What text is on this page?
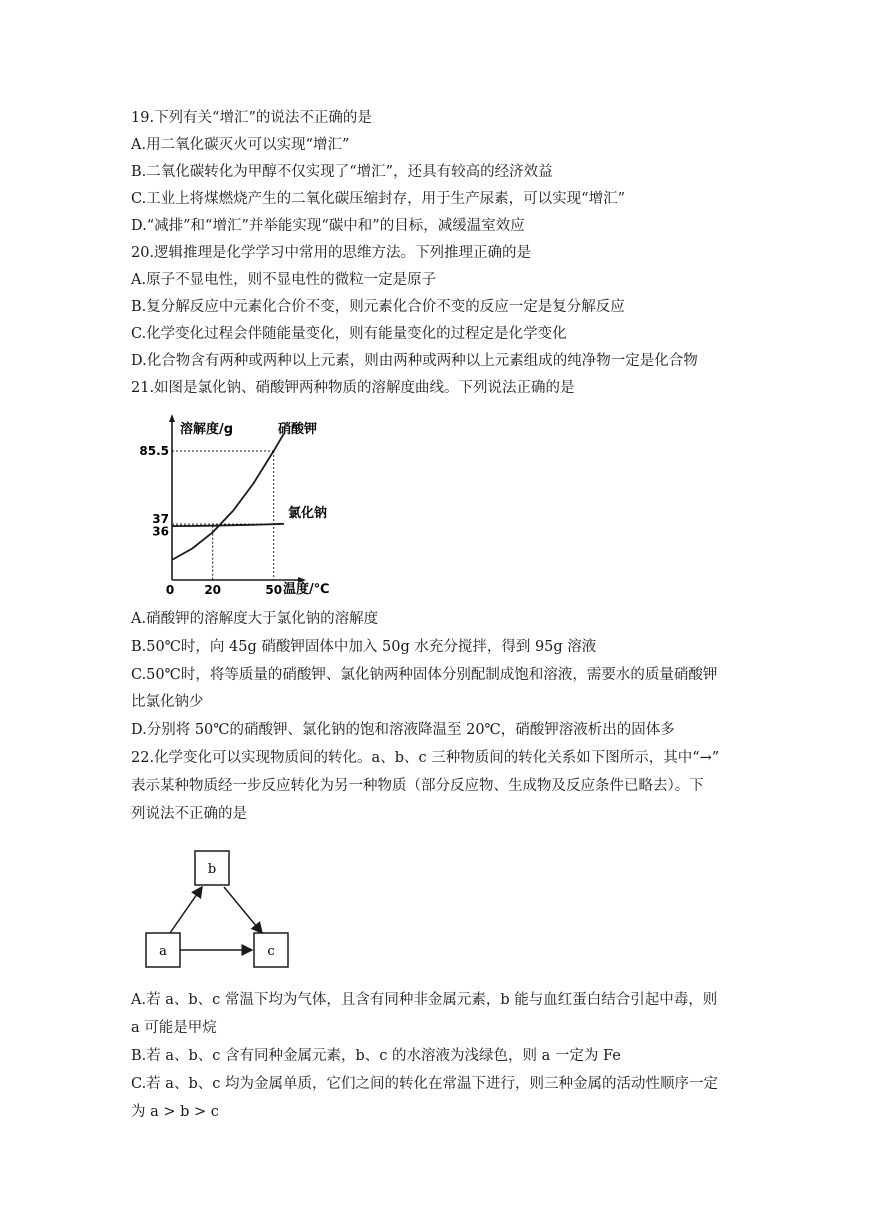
19.下列有关“增汇”的说法不正确的是
A.用二氧化碳灭火可以实现“增汇”
B.二氧化碳转化为甲醇不仅实现了“增汇”，还具有较高的经济效益
C.工业上将煤燃烧产生的二氧化碳压缩封存，用于生产尿素，可以实现“增汇”
D.“减排”和“增汇”并举能实现“碳中和”的目标，减缓温室效应
20.逻辑推理是化学学习中常用的思维方法。下列推理正确的是
A.原子不显电性，则不显电性的微粒一定是原子
B.复分解反应中元素化合价不变，则元素化合价不变的反应一定是复分解反应
C.化学变化过程会伴随能量变化，则有能量变化的过程定是化学变化
D.化合物含有两种或两种以上元素，则由两种或两种以上元素组成的纯净物一定是化合物
21.如图是氯化钠、硝酸钾两种物质的溶解度曲线。下列说法正确的是
溶解度/g
温度/℃
85.5
37
36
0	20	50
硝酸钾
氯化钠
A.硝酸钾的溶解度大于氯化钠的溶解度
B.50℃时，向 45g 硝酸钾固体中加入 50g 水充分搅拌，得到 95g 溶液
C.50℃时，将等质量的硝酸钾、氯化钠两种固体分别配制成饱和溶液，需要水的质量硝酸钾
比氯化钠少
D.分别将 50℃的硝酸钾、氯化钠的饱和溶液降温至 20℃，硝酸钾溶液析出的固体多
22.化学变化可以实现物质间的转化。a、b、c 三种物质间的转化关系如下图所示，其中“→”
表示某种物质经一步反应转化为另一种物质（部分反应物、生成物及反应条件已略去）。下
列说法不正确的是
b
a	c
A.若 a、b、c 常温下均为气体，且含有同种非金属元素，b 能与血红蛋白结合引起中毒，则
a 可能是甲烷
B.若 a、b、c 含有同种金属元素，b、c 的水溶液为浅绿色，则 a 一定为 Fe
C.若 a、b、c 均为金属单质，它们之间的转化在常温下进行，则三种金属的活动性顺序一定
为 a > b > c
